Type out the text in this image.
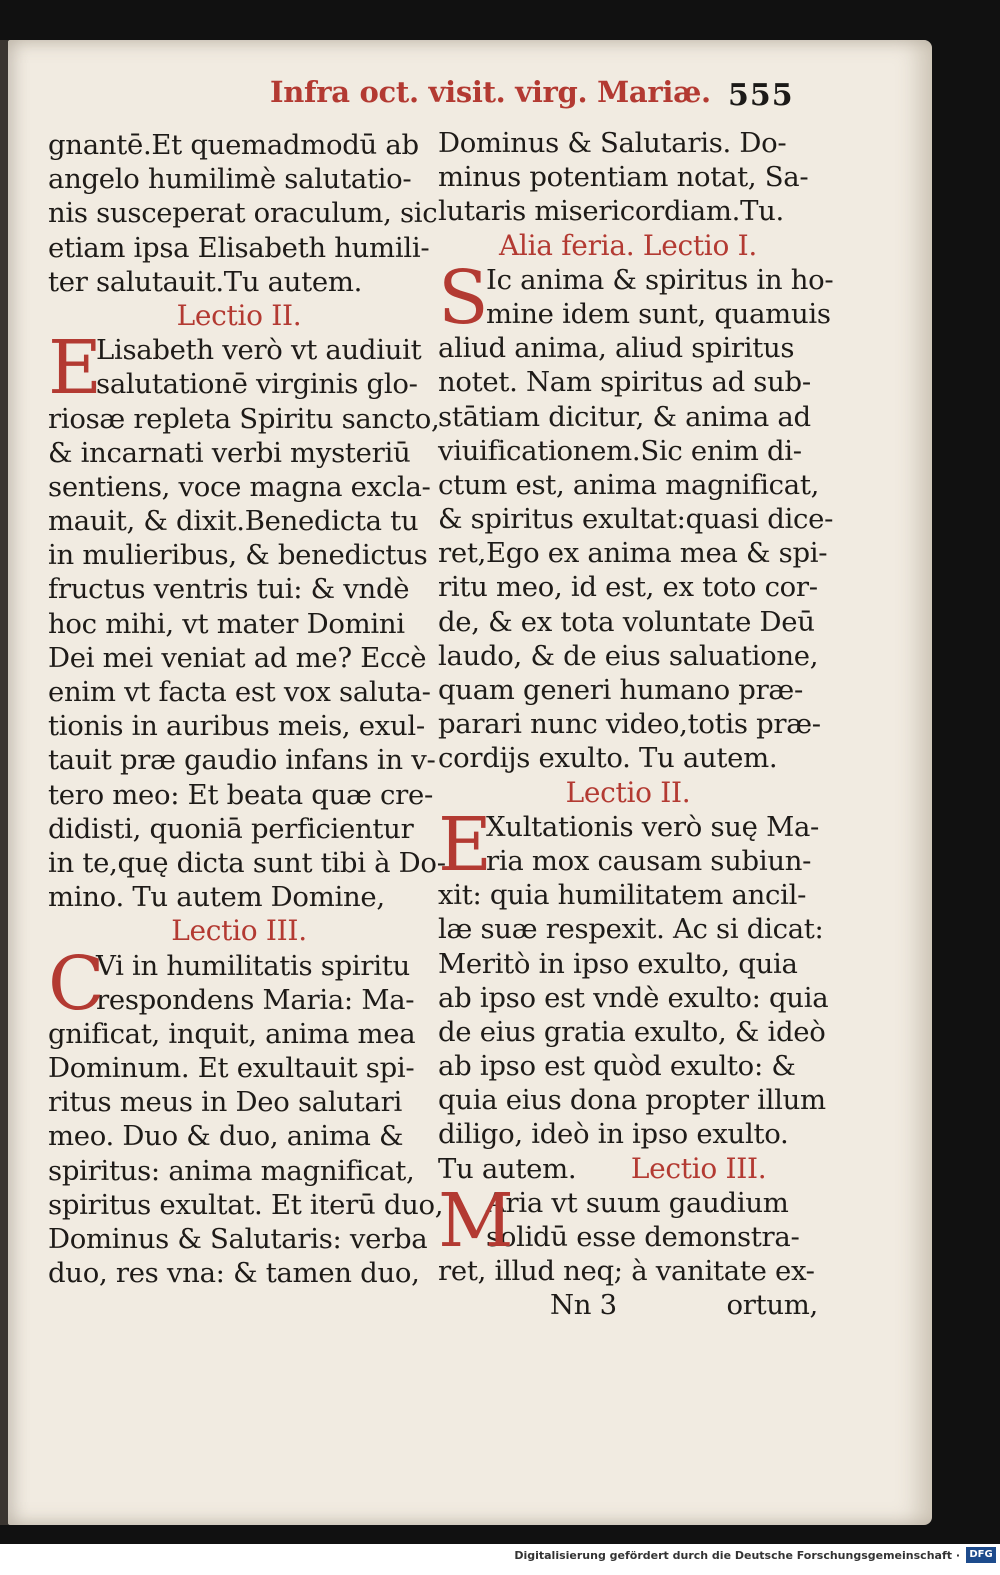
Infra oct. visit. virg. Mariæ. 555
gnantē.Et quemadmodū ab
angelo humilimè salutatio-
nis susceperat oraculum, sic
etiam ipsa Elisabeth humili-
ter salutauit.Tu autem.
Lectio II.
E
Lisabeth verò vt audiuit
salutationē virginis glo-
riosæ repleta Spiritu sancto,
& incarnati verbi mysteriū
sentiens, voce magna excla-
mauit, & dixit.Benedicta tu
in mulieribus, & benedictus
fructus ventris tui: & vndè
hoc mihi, vt mater Domini
Dei mei veniat ad me? Eccè
enim vt facta est vox saluta-
tionis in auribus meis, exul-
tauit præ gaudio infans in v-
tero meo: Et beata quæ cre-
didisti, quoniā perficientur
in te,quę dicta sunt tibi à Do-
mino. Tu autem Domine,
Lectio III.
C
Vi in humilitatis spiritu
respondens Maria: Ma-
gnificat, inquit, anima mea
Dominum. Et exultauit spi-
ritus meus in Deo salutari
meo. Duo & duo, anima &
spiritus: anima magnificat,
spiritus exultat. Et iterū duo,
Dominus & Salutaris: verba
duo, res vna: & tamen duo,
Dominus & Salutaris. Do-
minus potentiam notat, Sa-
lutaris misericordiam.Tu.
Alia feria. Lectio I.
S
Ic anima & spiritus in ho-
mine idem sunt, quamuis
aliud anima, aliud spiritus
notet. Nam spiritus ad sub-
stātiam dicitur, & anima ad
viuificationem.Sic enim di-
ctum est, anima magnificat,
& spiritus exultat:quasi dice-
ret,Ego ex anima mea & spi-
ritu meo, id est, ex toto cor-
de, & ex tota voluntate Deū
laudo, & de eius saluatione,
quam generi humano præ-
parari nunc video,totis præ-
cordijs exulto. Tu autem.
Lectio II.
E
Xultationis verò suę Ma-
ria mox causam subiun-
xit: quia humilitatem ancil-
læ suæ respexit. Ac si dicat:
Meritò in ipso exulto, quia
ab ipso est vndè exulto: quia
de eius gratia exulto, & ideò
ab ipso est quòd exulto: &
quia eius dona propter illum
diligo, ideò in ipso exulto.
Tu autem. Lectio III.
M
Aria vt suum gaudium
solidū esse demonstra-
ret, illud neq; à vanitate ex-
Nn 3	ortum,
Digitalisierung gefördert durch die Deutsche Forschungsgemeinschaft · DFG
